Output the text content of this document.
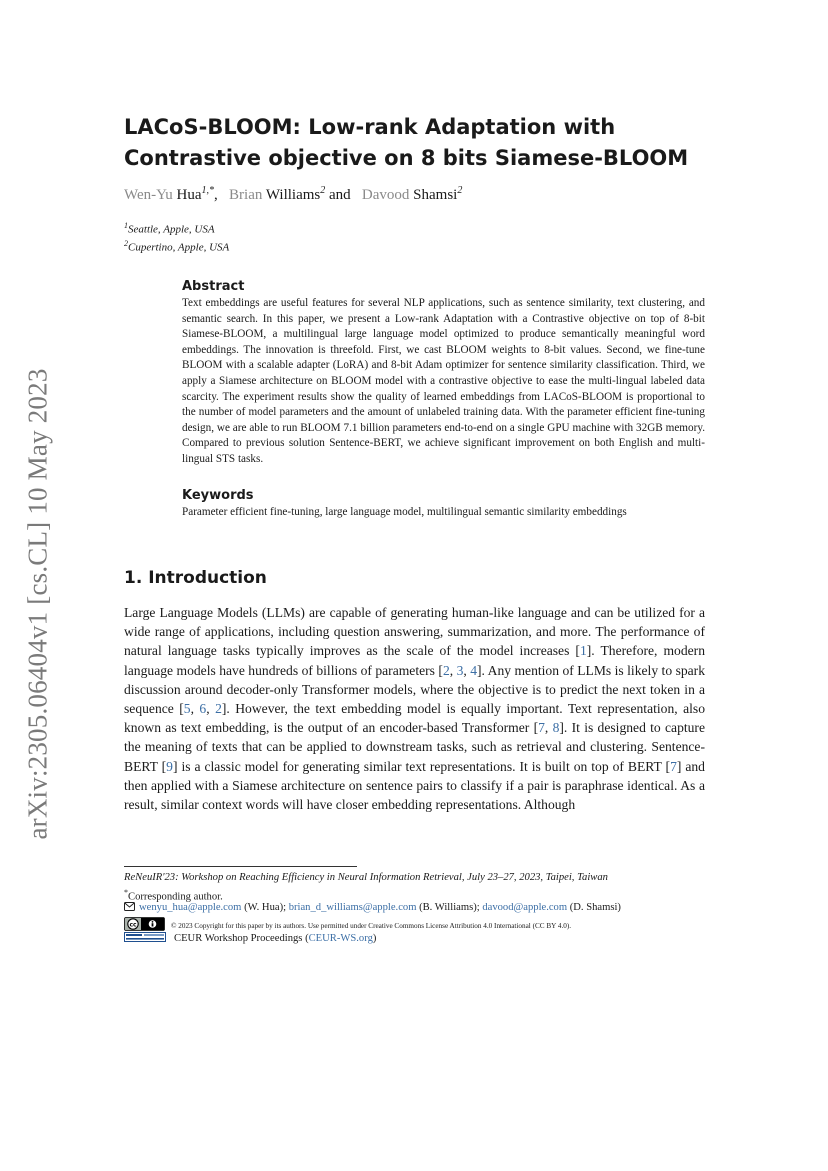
arXiv:2305.06404v1 [cs.CL] 10 May 2023
LACoS-BLOOM: Low-rank Adaptation with
Contrastive objective on 8 bits Siamese-BLOOM
Wen-Yu Hua$^{1,*}$,   Brian Williams$^2$ and   Davood Shamsi$^2$
$^1$Seattle, Apple, USA
$^2$Cupertino, Apple, USA
Abstract

Text embeddings are useful features for several NLP applications, such as sentence similarity, text clustering, and semantic search. In this paper, we present a Low-rank Adaptation with a Contrastive objective on top of 8-bit Siamese-BLOOM, a multilingual large language model optimized to produce semantically meaningful word embeddings. The innovation is threefold. First, we cast BLOOM weights to 8-bit values. Second, we fine-tune BLOOM with a scalable adapter (LoRA) and 8-bit Adam optimizer for sentence similarity classification. Third, we apply a Siamese architecture on BLOOM model with a contrastive objective to ease the multi-lingual labeled data scarcity. The experiment results show the quality of learned embeddings from LACoS-BLOOM is proportional to the number of model parameters and the amount of unlabeled training data. With the parameter efficient fine-tuning design, we are able to run BLOOM 7.1 billion parameters end-to-end on a single GPU machine with 32GB memory. Compared to previous solution Sentence-BERT, we achieve significant improvement on both English and multi-lingual STS tasks.

Keywords

Parameter efficient fine-tuning, large language model, multilingual semantic similarity embeddings

1. Introduction

Large Language Models (LLMs) are capable of generating human-like language and can be utilized for a wide range of applications, including question answering, summarization, and more. The performance of natural language tasks typically improves as the scale of the model increases [1]. Therefore, modern language models have hundreds of billions of parameters [2, 3, 4]. Any mention of LLMs is likely to spark discussion around decoder-only Transformer models, where the objective is to predict the next token in a sequence [5, 6, 2]. However, the text embedding model is equally important. Text representation, also known as text embedding, is the output of an encoder-based Transformer [7, 8]. It is designed to capture the meaning of texts that can be applied to downstream tasks, such as retrieval and clustering. Sentence-BERT [9] is a classic model for generating similar text representations. It is built on top of BERT [7] and then applied with a Siamese architecture on sentence pairs to classify if a pair is paraphrase identical. As a result, similar context words will have closer embedding representations. Although

ReNeuIR'23: Workshop on Reaching Efficiency in Neural Information Retrieval, July 23–27, 2023, Taipei, Taiwan
*Corresponding author.
wenyu_hua@apple.com (W. Hua); brian_d_williams@apple.com (B. Williams); davood@apple.com (D. Shamsi)
cc	© 2023 Copyright for this paper by its authors. Use permitted under Creative Commons License Attribution 4.0 International (CC BY 4.0).
CEUR Workshop Proceedings (CEUR-WS.org)
